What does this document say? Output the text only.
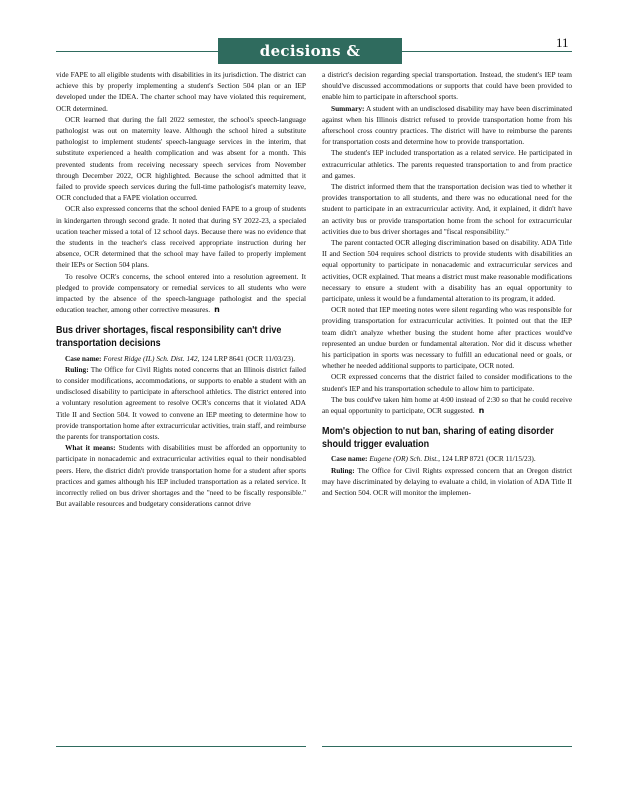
decisions & guidance
11

vide FAPE to all eligible students with disabilities in its jurisdiction. The district can achieve this by properly implementing a student's Section 504 plan or an IEP developed under the IDEA. The charter school may have violated this requirement, OCR determined.

OCR learned that during the fall 2022 semester, the school's speech-language pathologist was out on maternity leave. Although the school hired a substitute pathologist to implement students' speech-language services in the interim, that substitute experienced a health complication and was absent for a month. This prevented students from receiving necessary speech services from November through December 2022, OCR highlighted. Because the school admitted that it failed to provide speech services during the full-time pathologist's maternity leave, OCR concluded that a FAPE violation occurred.

OCR also expressed concerns that the school denied FAPE to a group of students in kindergarten through second grade. It noted that during SY 2022-23, a specialed ucation teacher missed a total of 12 school days. Because there was no evidence that the students in the teacher's class received appropriate instruction during her absence, OCR determined that the school may have failed to properly implement their IEPs or Section 504 plans.

To resolve OCR's concerns, the school entered into a resolution agreement. It pledged to provide compensatory or remedial services to all students who were impacted by the absence of the speech-language pathologist and the special education teacher, among other corrective measures. n

Bus driver shortages, fiscal responsibility can't drive transportation decisions

Case name: Forest Ridge (IL) Sch. Dist. 142, 124 LRP 8641 (OCR 11/03/23).

Ruling: The Office for Civil Rights noted concerns that an Illinois district failed to consider modifications, accommodations, or supports to enable a student with an undisclosed disability to participate in afterschool athletics. The district entered into a voluntary resolution agreement to resolve OCR's concerns that it violated ADA Title II and Section 504. It vowed to convene an IEP meeting to determine how to provide transportation home after extracurricular activities, train staff, and reimburse the parents for transportation costs.

What it means: Students with disabilities must be afforded an opportunity to participate in nonacademic and extracurricular activities equal to their nondisabled peers. Here, the district didn't provide transportation home for a student after sports practices and games although his IEP included transportation as a related service. It incorrectly relied on bus driver shortages and the "need to be fiscally responsible." But available resources and budgetary considerations cannot drive

a district's decision regarding special transportation. Instead, the student's IEP team should've discussed accommodations or supports that could have been provided to enable him to participate in afterschool sports.

Summary: A student with an undisclosed disability may have been discriminated against when his Illinois district refused to provide transportation home from his afterschool cross country practices. The district will have to reimburse the parents for transportation costs and determine how to provide transportation.

The student's IEP included transportation as a related service. He participated in extracurricular athletics. The parents requested transportation to and from practice and games.

The district informed them that the transportation decision was tied to whether it provides transportation to all students, and there was no educational need for the student to participate in an extracurricular activity. And, it explained, it didn't have an activity bus or provide transportation home from the school for extracurricular activities due to bus driver shortages and "fiscal responsibility."

The parent contacted OCR alleging discrimination based on disability. ADA Title II and Section 504 requires school districts to provide students with disabilities an equal opportunity to participate in nonacademic and extracurricular services and activities, OCR explained. That means a district must make reasonable modifications necessary to ensure a student with a disability has an equal opportunity to participate, unless it would be a fundamental alteration to its program, it added.

OCR noted that IEP meeting notes were silent regarding who was responsible for providing transportation for extracurricular activities. It pointed out that the IEP team didn't analyze whether busing the student home after practices would've represented an undue burden or fundamental alteration. Nor did it discuss whether his participation in sports was necessary to fulfill an educational need or goals, or whether he needed additional supports to participate, OCR noted.

OCR expressed concerns that the district failed to consider modifications to the student's IEP and his transportation schedule to allow him to participate.

The bus could've taken him home at 4:00 instead of 2:30 so that he could receive an equal opportunity to participate, OCR suggested. n

Mom's objection to nut ban, sharing of eating disorder should trigger evaluation

Case name: Eugene (OR) Sch. Dist., 124 LRP 8721 (OCR 11/15/23).

Ruling: The Office for Civil Rights expressed concern that an Oregon district may have discriminated by delaying to evaluate a child, in violation of ADA Title II and Section 504. OCR will monitor the implemen-
